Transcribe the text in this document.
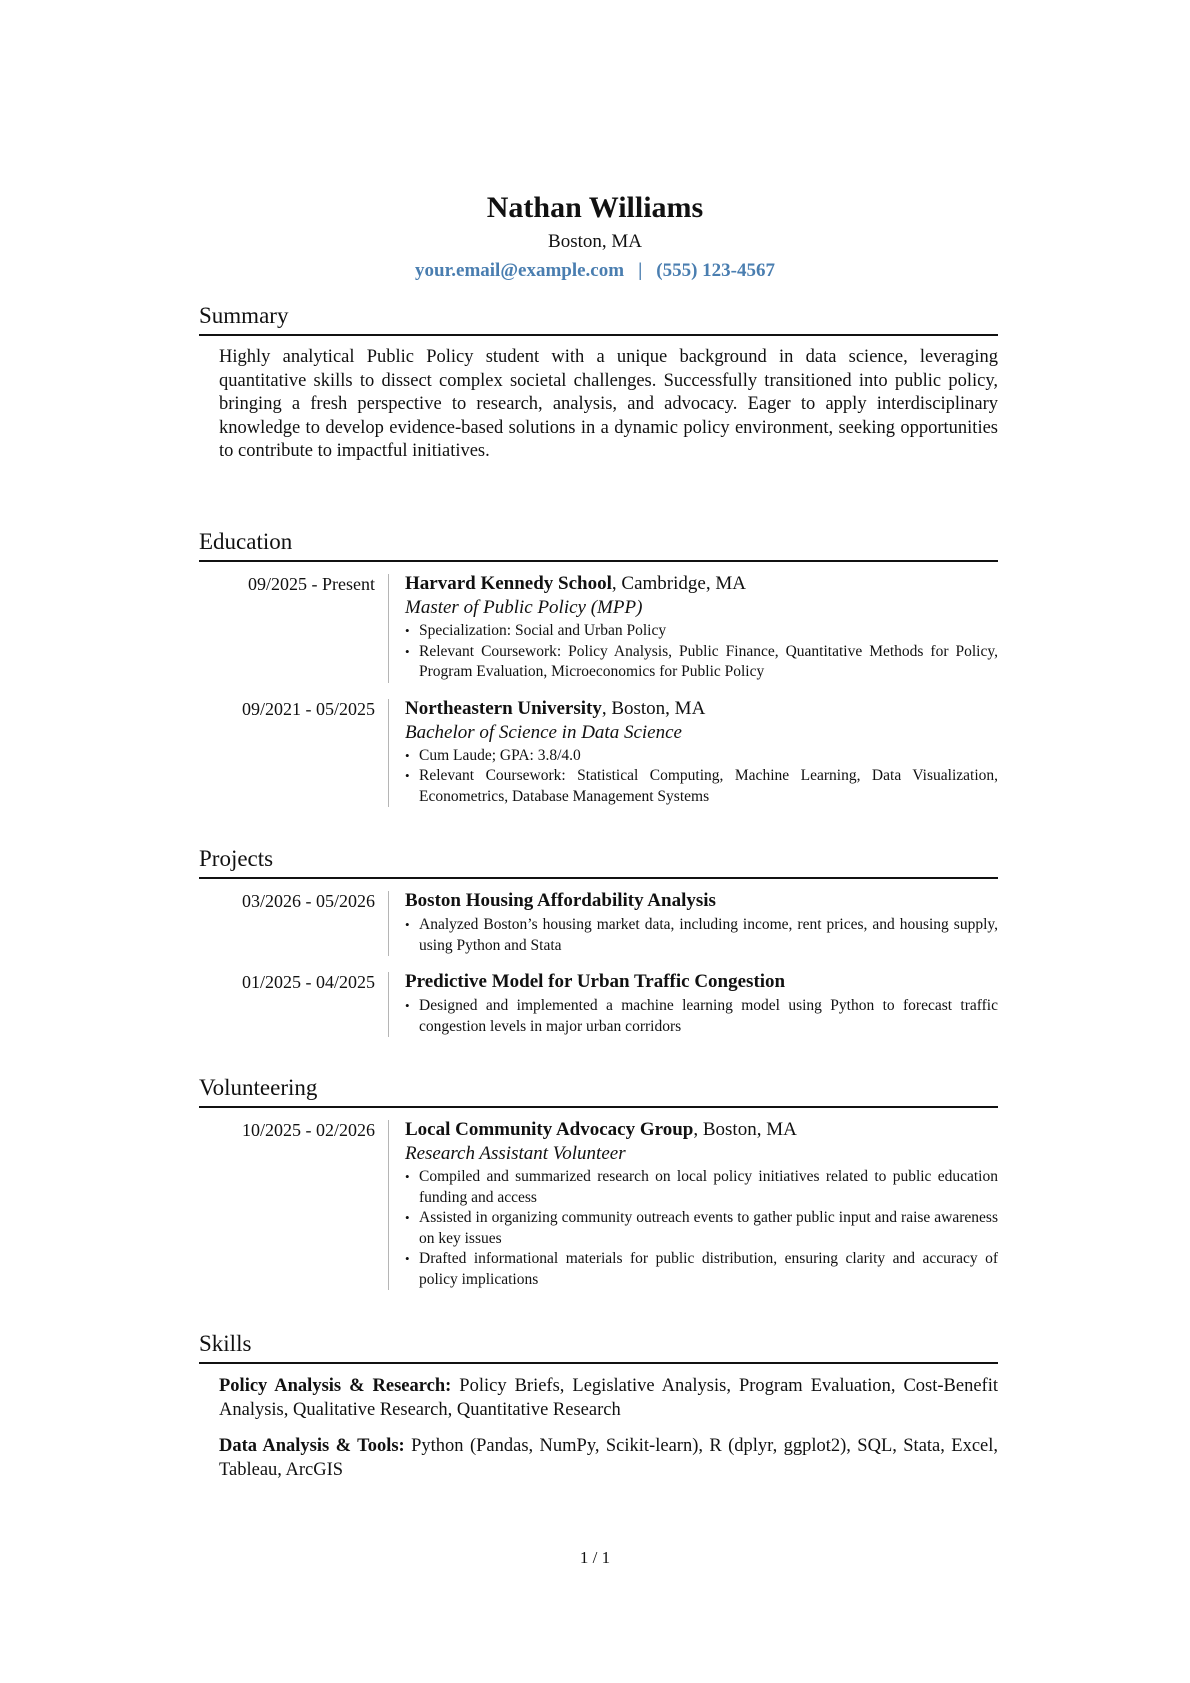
Nathan Williams
Boston, MA
your.email@example.com | (555) 123-4567
Summary
Highly analytical Public Policy student with a unique background in data science, leveraging quantitative skills to dissect complex societal challenges. Successfully transitioned into public policy, bringing a fresh perspective to research, analysis, and advocacy. Eager to apply interdisciplinary knowledge to develop evidence-based solutions in a dynamic policy environment, seeking opportunities to contribute to impactful initiatives.
Education
09/2025 - Present	Harvard Kennedy School, Cambridge, MA
Master of Public Policy (MPP)
• Specialization: Social and Urban Policy
• Relevant Coursework: Policy Analysis, Public Finance, Quantitative Methods for Policy, Program Evaluation, Microeconomics for Public Policy
09/2021 - 05/2025	Northeastern University, Boston, MA
Bachelor of Science in Data Science
• Cum Laude; GPA: 3.8/4.0
• Relevant Coursework: Statistical Computing, Machine Learning, Data Visualization, Econometrics, Database Management Systems
Projects
03/2026 - 05/2026	Boston Housing Affordability Analysis
• Analyzed Boston’s housing market data, including income, rent prices, and housing supply, using Python and Stata
01/2025 - 04/2025	Predictive Model for Urban Traffic Congestion
• Designed and implemented a machine learning model using Python to forecast traffic congestion levels in major urban corridors
Volunteering
10/2025 - 02/2026	Local Community Advocacy Group, Boston, MA
Research Assistant Volunteer
• Compiled and summarized research on local policy initiatives related to public education funding and access
• Assisted in organizing community outreach events to gather public input and raise awareness on key issues
• Drafted informational materials for public distribution, ensuring clarity and accuracy of policy implications
Skills
Policy Analysis & Research: Policy Briefs, Legislative Analysis, Program Evaluation, Cost-Benefit Analysis, Qualitative Research, Quantitative Research
Data Analysis & Tools: Python (Pandas, NumPy, Scikit-learn), R (dplyr, ggplot2), SQL, Stata, Excel, Tableau, ArcGIS
1 / 1
